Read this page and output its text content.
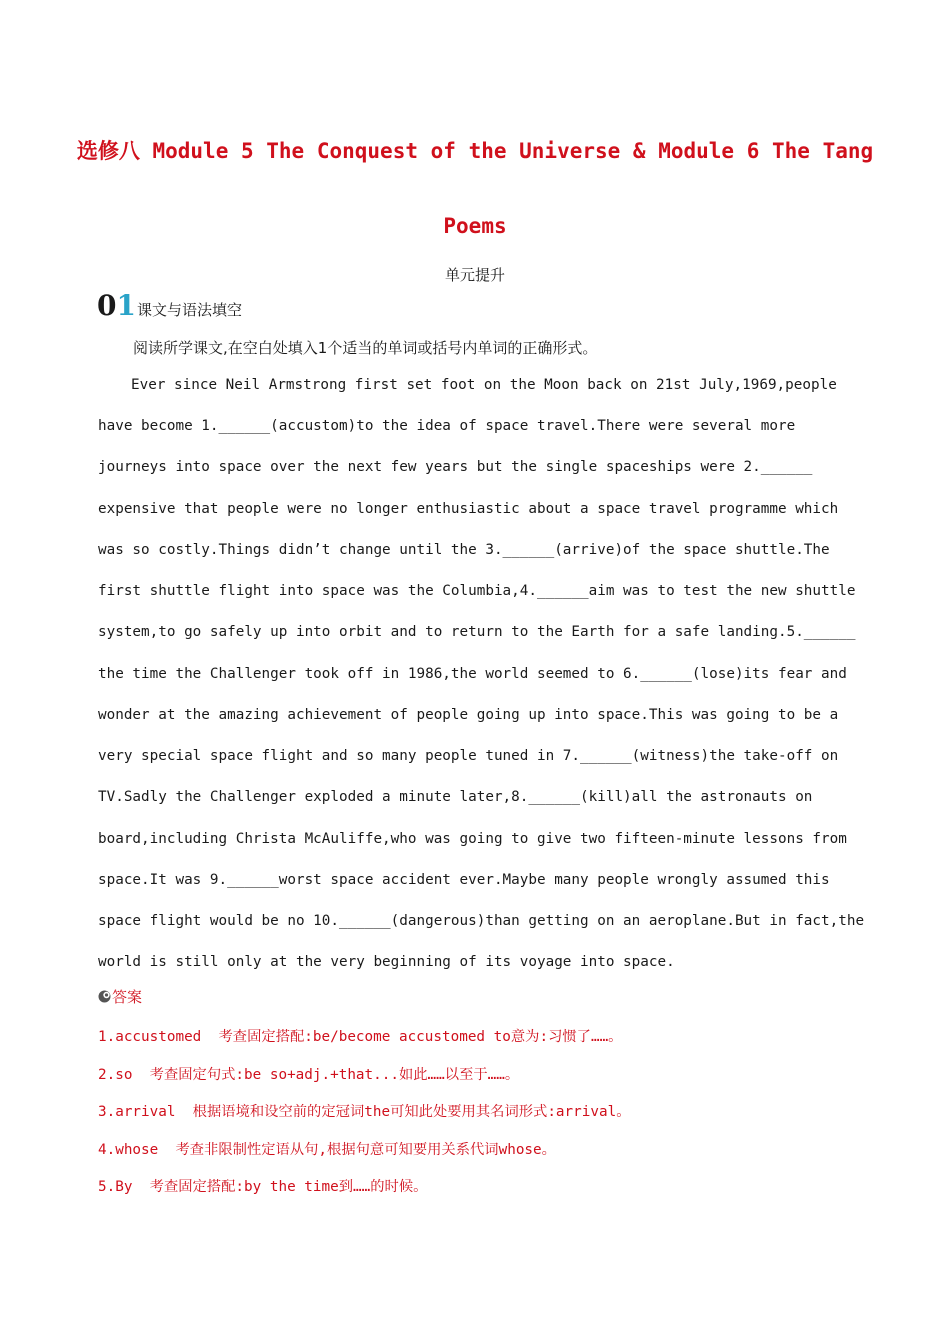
选修八 Module 5 The Conquest of the Universe & Module 6 The Tang
Poems
单元提升
01课文与语法填空
阅读所学课文,在空白处填入1个适当的单词或括号内单词的正确形式。
Ever since Neil Armstrong first set foot on the Moon back on 21st July,1969,people
have become 1.______(accustom)to the idea of space travel.There were several more
journeys into space over the next few years but the single spaceships were 2.______
expensive that people were no longer enthusiastic about a space travel programme which
was so costly.Things didn’t change until the 3.______(arrive)of the space shuttle.The
first shuttle flight into space was the Columbia,4.______aim was to test the new shuttle
system,to go safely up into orbit and to return to the Earth for a safe landing.5.______
the time the Challenger took off in 1986,the world seemed to 6.______(lose)its fear and
wonder at the amazing achievement of people going up into space.This was going to be a
very special space flight and so many people tuned in 7.______(witness)the take-off on
TV.Sadly the Challenger exploded a minute later,8.______(kill)all the astronauts on
board,including Christa McAuliffe,who was going to give two fifteen-minute lessons from
space.It was 9.______worst space accident ever.Maybe many people wrongly assumed this
space flight would be no 10.______(dangerous)than getting on an aeroplane.But in fact,the
world is still only at the very beginning of its voyage into space.
答案
1.accustomed  考查固定搭配:be/become accustomed to意为:习惯了……。
2.so  考查固定句式:be so+adj.+that...如此……以至于……。
3.arrival  根据语境和设空前的定冠词the可知此处要用其名词形式:arrival。
4.whose  考查非限制性定语从句,根据句意可知要用关系代词whose。
5.By  考查固定搭配:by the time到……的时候。
